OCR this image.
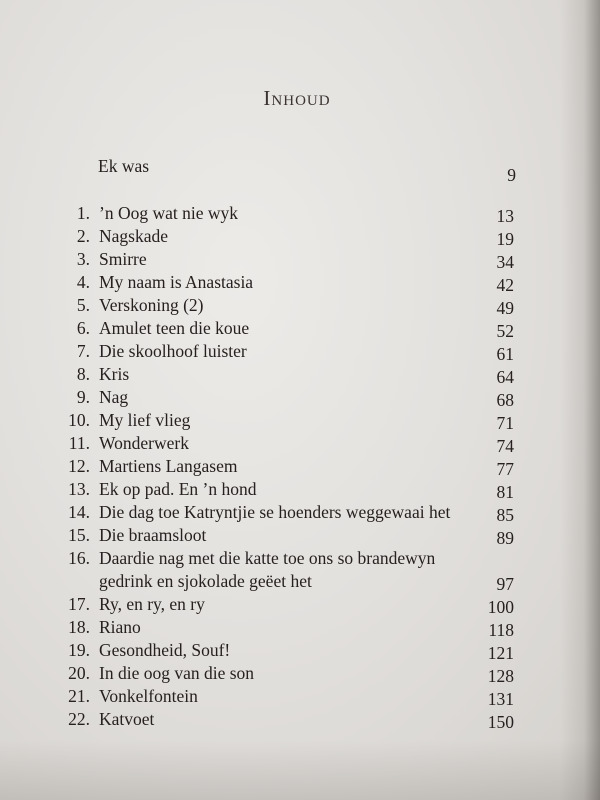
Inhoud
Ek was	9
1. ’n Oog wat nie wyk	13
2. Nagskade	19
3. Smirre	34
4. My naam is Anastasia	42
5. Verskoning (2)	49
6. Amulet teen die koue	52
7. Die skoolhoof luister	61
8. Kris	64
9. Nag	68
10. My lief vlieg	71
11. Wonderwerk	74
12. Martiens Langasem	77
13. Ek op pad. En ’n hond	81
14. Die dag toe Katryntjie se hoenders weggewaai het	85
15. Die braamsloot	89
16. Daardie nag met die katte toe ons so brandewyn gedrink en sjokolade geëet het	97
17. Ry, en ry, en ry	100
18. Riano	118
19. Gesondheid, Souf!	121
20. In die oog van die son	128
21. Vonkelfontein	131
22. Katvoet	150
